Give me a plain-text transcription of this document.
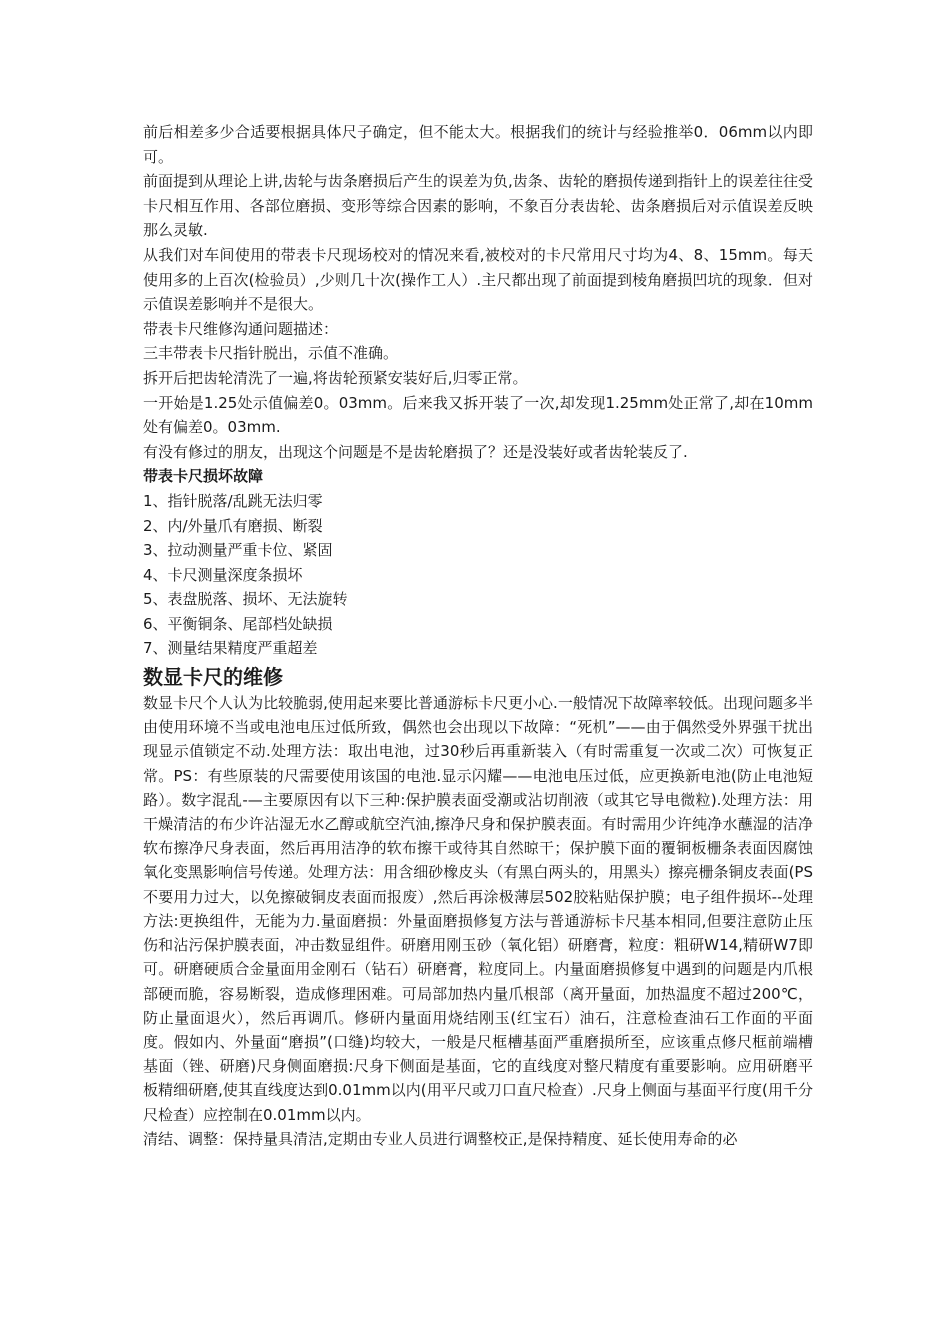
前后相差多少合适要根据具体尺子确定，但不能太大。根据我们的统计与经验推举0．06mm以内即可。

前面提到从理论上讲,齿轮与齿条磨损后产生的误差为负,齿条、齿轮的磨损传递到指针上的误差往往受卡尺相互作用、各部位磨损、变形等综合因素的影响，不象百分表齿轮、齿条磨损后对示值误差反映那么灵敏.

从我们对车间使用的带表卡尺现场校对的情况来看,被校对的卡尺常用尺寸均为4、8、15mm。每天使用多的上百次(检验员）,少则几十次(操作工人）.主尺都出现了前面提到棱角磨损凹坑的现象．但对示值误差影响并不是很大。

带表卡尺维修沟通问题描述：

三丰带表卡尺指针脱出，示值不准确。

拆开后把齿轮清洗了一遍,将齿轮预紧安装好后,归零正常。

一开始是1.25处示值偏差0。03mm。后来我又拆开装了一次,却发现1.25mm处正常了,却在10mm处有偏差0。03mm.

有没有修过的朋友，出现这个问题是不是齿轮磨损了？还是没装好或者齿轮装反了.

带表卡尺损坏故障

1、指针脱落/乱跳无法归零
2、内/外量爪有磨损、断裂
3、拉动测量严重卡位、紧固
4、卡尺测量深度条损坏
5、表盘脱落、损坏、无法旋转
6、平衡铜条、尾部档处缺损
7、测量结果精度严重超差
数显卡尺的维修

数显卡尺个人认为比较脆弱,使用起来要比普通游标卡尺更小心.一般情况下故障率较低。出现问题多半由使用环境不当或电池电压过低所致，偶然也会出现以下故障：“死机”——由于偶然受外界强干扰出现显示值锁定不动.处理方法：取出电池，过30秒后再重新装入（有时需重复一次或二次）可恢复正常。PS：有些原装的尺需要使用该国的电池.显示闪耀——电池电压过低，应更换新电池(防止电池短路）。数字混乱-—主要原因有以下三种:保护膜表面受潮或沾切削液（或其它导电微粒).处理方法：用干燥清洁的布少许沾湿无水乙醇或航空汽油,擦净尺身和保护膜表面。有时需用少许纯净水蘸湿的洁净软布擦净尺身表面，然后再用洁净的软布擦干或待其自然晾干；保护膜下面的覆铜板栅条表面因腐蚀氧化变黑影响信号传递。处理方法：用含细砂橡皮头（有黑白两头的，用黑头）擦亮栅条铜皮表面(PS不要用力过大，以免擦破铜皮表面而报废）,然后再涂极薄层502胶粘贴保护膜；电子组件损坏--处理方法:更换组件，无能为力.量面磨损：外量面磨损修复方法与普通游标卡尺基本相同,但要注意防止压伤和沾污保护膜表面，冲击数显组件。研磨用刚玉砂（氧化铝）研磨膏，粒度：粗研W14,精研W7即可。研磨硬质合金量面用金刚石（钻石）研磨膏，粒度同上。内量面磨损修复中遇到的问题是内爪根部硬而脆，容易断裂，造成修理困难。可局部加热内量爪根部（离开量面，加热温度不超过200℃，防止量面退火），然后再调爪。修研内量面用烧结刚玉(红宝石）油石，注意检查油石工作面的平面度。假如内、外量面“磨损”(口缝)均较大，一般是尺框槽基面严重磨损所至，应该重点修尺框前端槽基面（锉、研磨)尺身侧面磨损:尺身下侧面是基面，它的直线度对整尺精度有重要影响。应用研磨平板精细研磨,使其直线度达到0.01mm以内(用平尺或刀口直尺检查）.尺身上侧面与基面平行度(用千分尺检查）应控制在0.01mm以内。

清结、调整：保持量具清洁,定期由专业人员进行调整校正,是保持精度、延长使用寿命的必
